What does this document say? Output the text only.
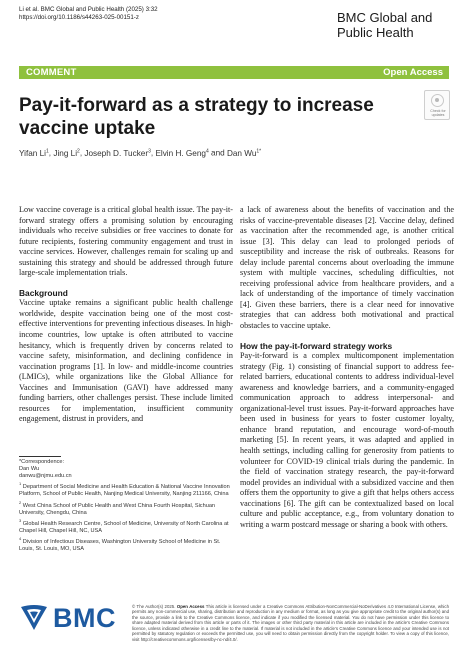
Li et al. BMC Global and Public Health (2025) 3:32
https://doi.org/10.1186/s44263-025-00151-z	BMC Global and
Public Health
COMMENT	Open Access
Pay-it-forward as a strategy to increase vaccine uptake
Check for
updates
Yifan Li$^1$, Jing Li$^2$, Joseph D. Tucker$^3$, Elvin H. Geng$^4$ and Dan $Wu^{1*}$

Low vaccine coverage is a critical global health issue. The pay-it-forward strategy offers a promising solution by encouraging individuals who receive subsidies or free vaccines to donate for future recipients, fostering community engagement and trust in vaccine services. However, challenges remain for scaling up and sustaining this strategy and should be addressed through future large-scale implementation trials.

Background

Vaccine uptake remains a significant public health challenge worldwide, despite vaccination being one of the most cost-effective interventions for preventing infectious diseases. In high-income countries, low uptake is often attributed to vaccine hesitancy, which is frequently driven by concerns related to vaccine safety, misinformation, and declining confidence in vaccination programs [1]. In low- and middle-income countries (LMICs), while organizations like the Global Alliance for Vaccines and Immunisation (GAVI) have addressed many funding barriers, other challenges persist. These include limited resources for implementation, insufficient community engagement, distrust in providers, and

a lack of awareness about the benefits of vaccination and the risks of vaccine-preventable diseases [2]. Vaccine delay, defined as vaccination after the recommended age, is another critical issue [3]. This delay can lead to prolonged periods of susceptibility and increase the risk of outbreaks. Reasons for delay include parental concerns about overloading the immune system with multiple vaccines, scheduling difficulties, not receiving professional advice from healthcare providers, and a lack of understanding of the importance of timely vaccination [4]. Given these barriers, there is a clear need for innovative strategies that can address both motivational and practical obstacles to vaccine uptake.

How the pay-it-forward strategy works

Pay-it-forward is a complex multicomponent implementation strategy (Fig. 1) consisting of financial support to address fee-related barriers, educational contents to address individual-level awareness and knowledge barriers, and a community-engaged communication approach to address interpersonal- and organizational-level trust issues. Pay-it-forward approaches have been used in business for years to foster customer loyalty, enhance brand reputation, and encourage word-of-mouth marketing [5]. In recent years, it was adapted and applied in health settings, including calling for generosity from patients to volunteer for COVID-19 clinical trials during the pandemic. In the field of vaccination strategy research, the pay-it-forward model provides an individual with a subsidized vaccine and then offers them the opportunity to give a gift that helps others access vaccinations [6]. The gift can be contextualized based on local culture and public acceptance, e.g., from voluntary donation to writing a warm postcard message or sharing a book with others.

*Correspondence:
Dan Wu
danwu@njmu.edu.cn
$^1$ Department of Social Medicine and Health Education & National Vaccine Innovation Platform, School of Public Health, Nanjing Medical University, Nanjing 211166, China
$^2$ West China School of Public Health and West China Fourth Hospital, Sichuan University, Chengdu, China
$^3$ Global Health Research Centre, School of Medicine, University of North Carolina at Chapel Hill, Chapel Hill, NC, USA
$^4$ Division of Infectious Diseases, Washington University School of Medicine in St. Louis, St. Louis, MO, USA
BMC	© The Author(s) 2025. Open Access This article is licensed under a Creative Commons Attribution-NonCommercial-NoDerivatives 4.0 International License, which permits any non-commercial use, sharing, distribution and reproduction in any medium or format, as long as you give appropriate credit to the original author(s) and the source, provide a link to the Creative Commons licence, and indicate if you modified the licensed material. You do not have permission under this licence to share adapted material derived from this article or parts of it. The images or other third party material in this article are included in the article’s Creative Commons licence, unless indicated otherwise in a credit line to the material. If material is not included in the article’s Creative Commons licence and your intended use is not permitted by statutory regulation or exceeds the permitted use, you will need to obtain permission directly from the copyright holder. To view a copy of this licence, visit http://creativecommons.org/licenses/by-nc-nd/4.0/.
